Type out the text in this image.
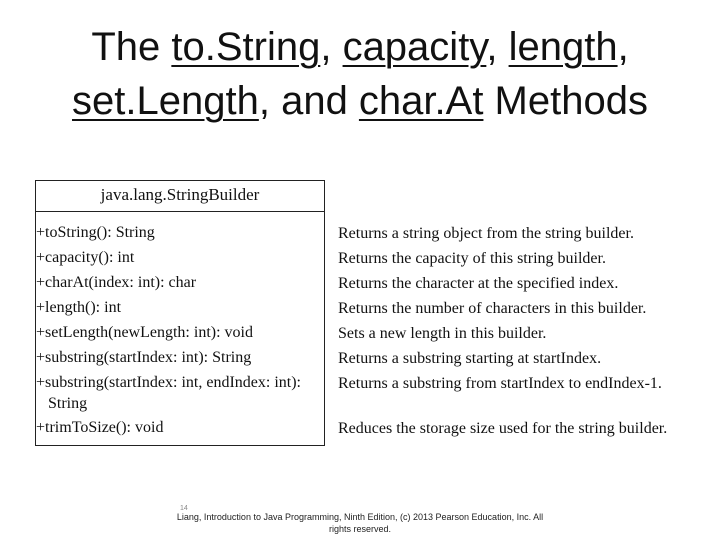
The to.String, capacity, length,
set.Length, and char.At Methods
java.lang.StringBuilder
+toString(): String
+capacity(): int
+charAt(index: int): char
+length(): int
+setLength(newLength: int): void
+substring(startIndex: int): String
+substring(startIndex: int, endIndex: int):
String
+trimToSize(): void
Returns a string object from the string builder.
Returns the capacity of this string builder.
Returns the character at the specified index.
Returns the number of characters in this builder.
Sets a new length in this builder.
Returns a substring starting at startIndex.
Returns a substring from startIndex to endIndex-1.
Reduces the storage size used for the string builder.
14
Liang, Introduction to Java Programming, Ninth Edition, (c) 2013 Pearson Education, Inc. All
rights reserved.
